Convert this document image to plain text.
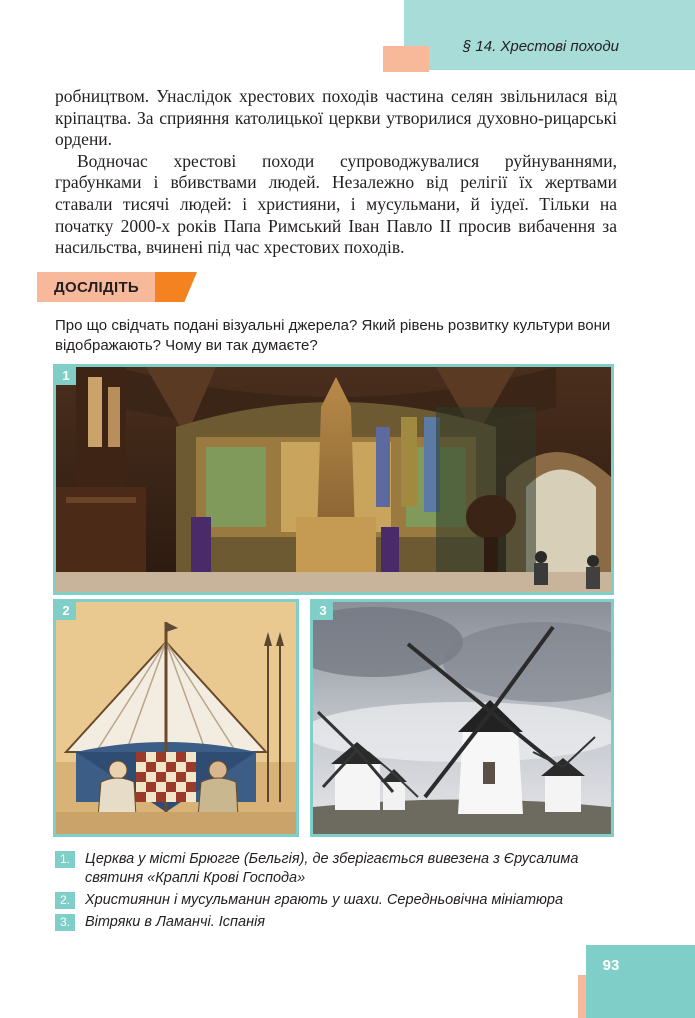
§ 14. Хрестові походи

робництвом. Унаслідок хрестових походів частина селян звільнилася від кріпацтва. За сприяння католицької церкви утворилися духовно-рицарські ордени.

Водночас хрестові походи супроводжувалися руйнуваннями, грабунками і вбивствами людей. Незалежно від релігії їх жертвами ставали тисячі людей: і християни, і мусульмани, й іудеї. Тільки на початку 2000-х років Папа Римський Іван Павло II просив вибачення за насильства, вчинені під час хрестових походів.

ДОСЛІДІТЬ
Про що свідчать подані візуальні джерела? Який рівень розвитку культури вони відображають? Чому ви так думаєте?
1
2	3
1.	Церква у місті Брюгге (Бельгія), де зберігається вивезена з Єрусалима святиня «Краплі Крові Господа»
2.	Християнин і мусульманин грають у шахи. Середньовічна мініатюра
3.	Вітряки в Ламанчі. Іспанія
93
